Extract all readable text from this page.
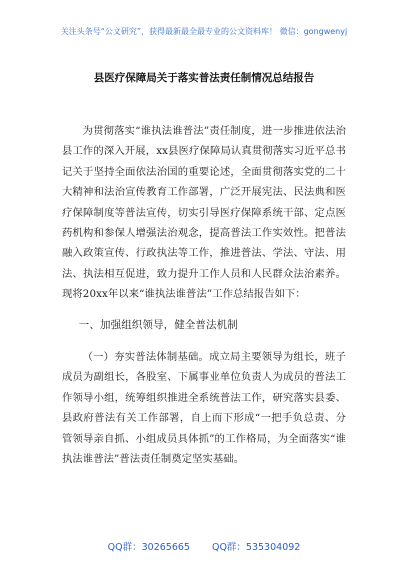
关注头条号“公文研究”，获得最新最全最专业的公文资料库！ 微信：gongwenyj
县医疗保障局关于落实普法责任制情况总结报告

为贯彻落实“谁执法谁普法”责任制度，进一步推进依法治县工作的深入开展，xx县医疗保障局认真贯彻落实习近平总书记关于坚持全面依法治国的重要论述，全面贯彻落实党的二十大精神和法治宣传教育工作部署，广泛开展宪法、民法典和医疗保障制度等普法宣传，切实引导医疗保障系统干部、定点医药机构和参保人增强法治观念，提高普法工作实效性。把普法融入政策宣传、行政执法等工作，推进普法、学法、守法、用法、执法相互促进，致力提升工作人员和人民群众法治素养。现将20xx年以来“谁执法谁普法”工作总结报告如下：

一、加强组织领导，健全普法机制

（一）夯实普法体制基础。成立局主要领导为组长，班子成员为副组长，各股室、下属事业单位负责人为成员的普法工作领导小组，统筹组织推进全系统普法工作，研究落实县委、县政府普法有关工作部署，自上而下形成“一把手负总责、分管领导亲自抓、小组成员具体抓”的工作格局，为全面落实“谁执法谁普法”普法责任制奠定坚实基础。

QQ群：30265665 QQ群：535304092
